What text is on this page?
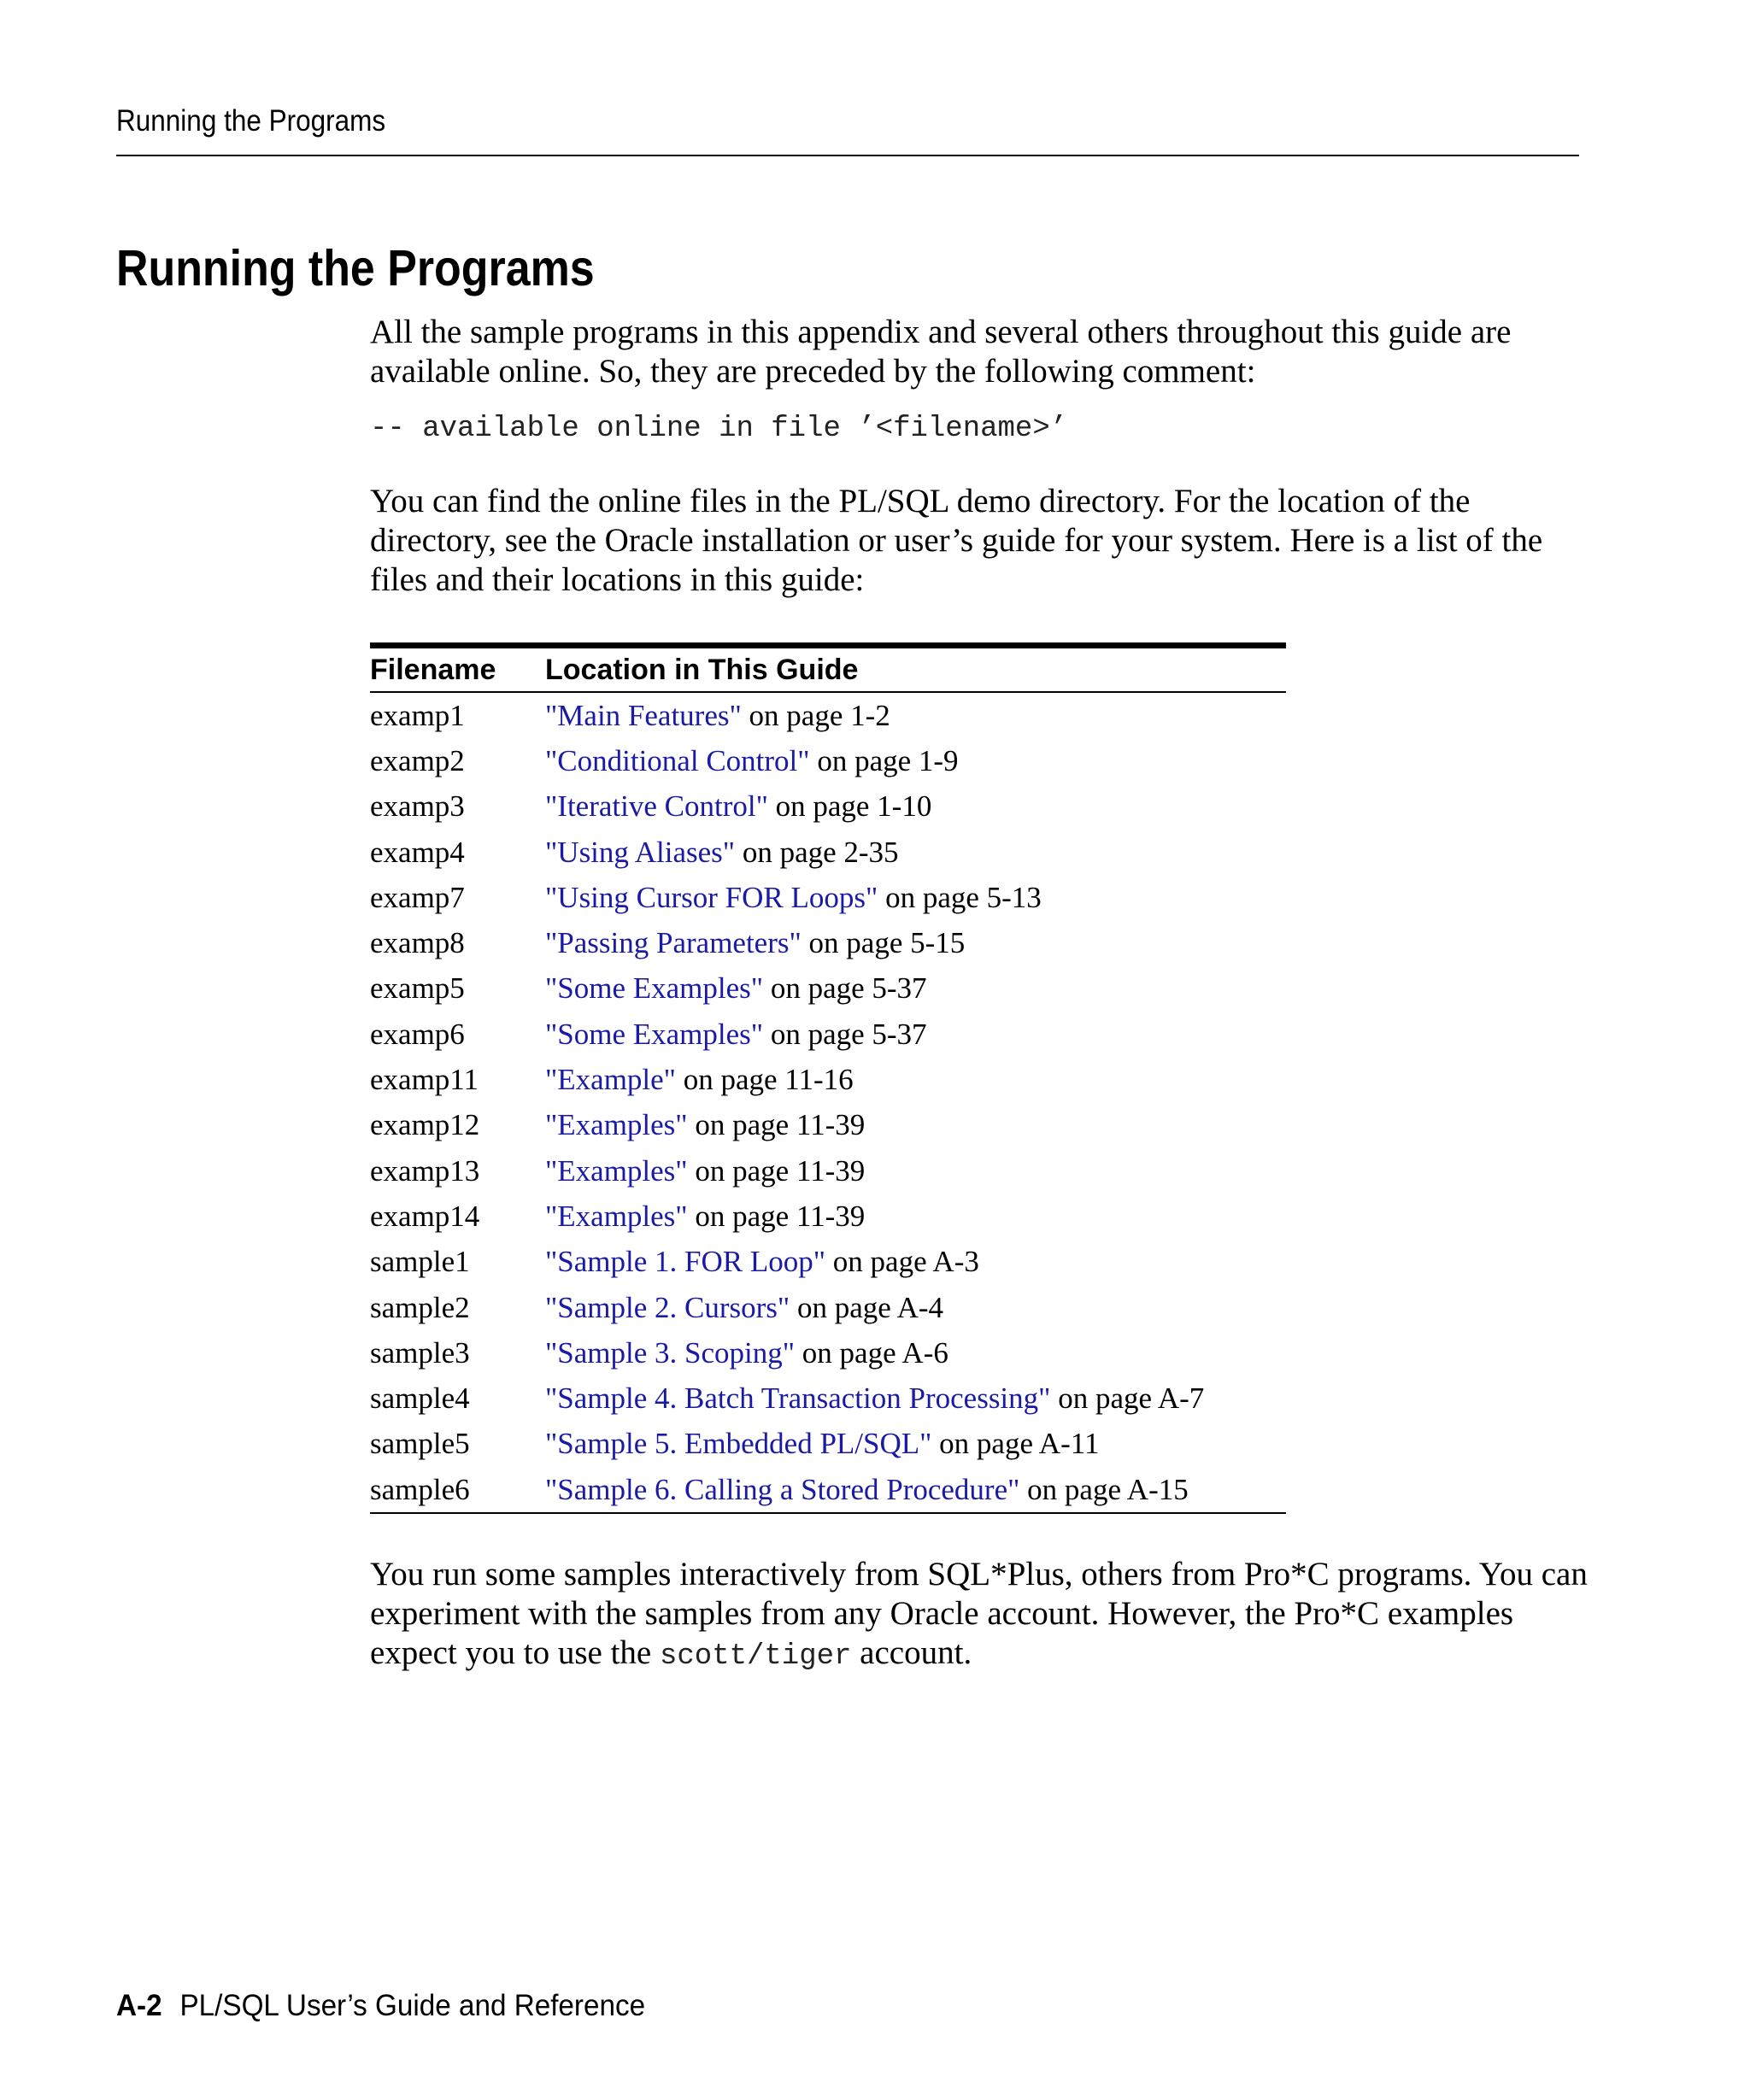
Running the Programs
Running the Programs

All the sample programs in this appendix and several others throughout this guide are available online. So, they are preceded by the following comment:

-- available online in file ’<filename>’

You can find the online files in the PL/SQL demo directory. For the location of the directory, see the Oracle installation or user’s guide for your system. Here is a list of the files and their locations in this guide:

Filename	Location in This Guide
examp1	"Main Features" on page 1-2
examp2	"Conditional Control" on page 1-9
examp3	"Iterative Control" on page 1-10
examp4	"Using Aliases" on page 2-35
examp7	"Using Cursor FOR Loops" on page 5-13
examp8	"Passing Parameters" on page 5-15
examp5	"Some Examples" on page 5-37
examp6	"Some Examples" on page 5-37
examp11	"Example" on page 11-16
examp12	"Examples" on page 11-39
examp13	"Examples" on page 11-39
examp14	"Examples" on page 11-39
sample1	"Sample 1. FOR Loop" on page A-3
sample2	"Sample 2. Cursors" on page A-4
sample3	"Sample 3. Scoping" on page A-6
sample4	"Sample 4. Batch Transaction Processing" on page A-7
sample5	"Sample 5. Embedded PL/SQL" on page A-11
sample6	"Sample 6. Calling a Stored Procedure" on page A-15

You run some samples interactively from SQL*Plus, others from Pro*C programs. You can experiment with the samples from any Oracle account. However, the Pro*C examples expect you to use the scott/tiger account.

A-2 PL/SQL User’s Guide and Reference
